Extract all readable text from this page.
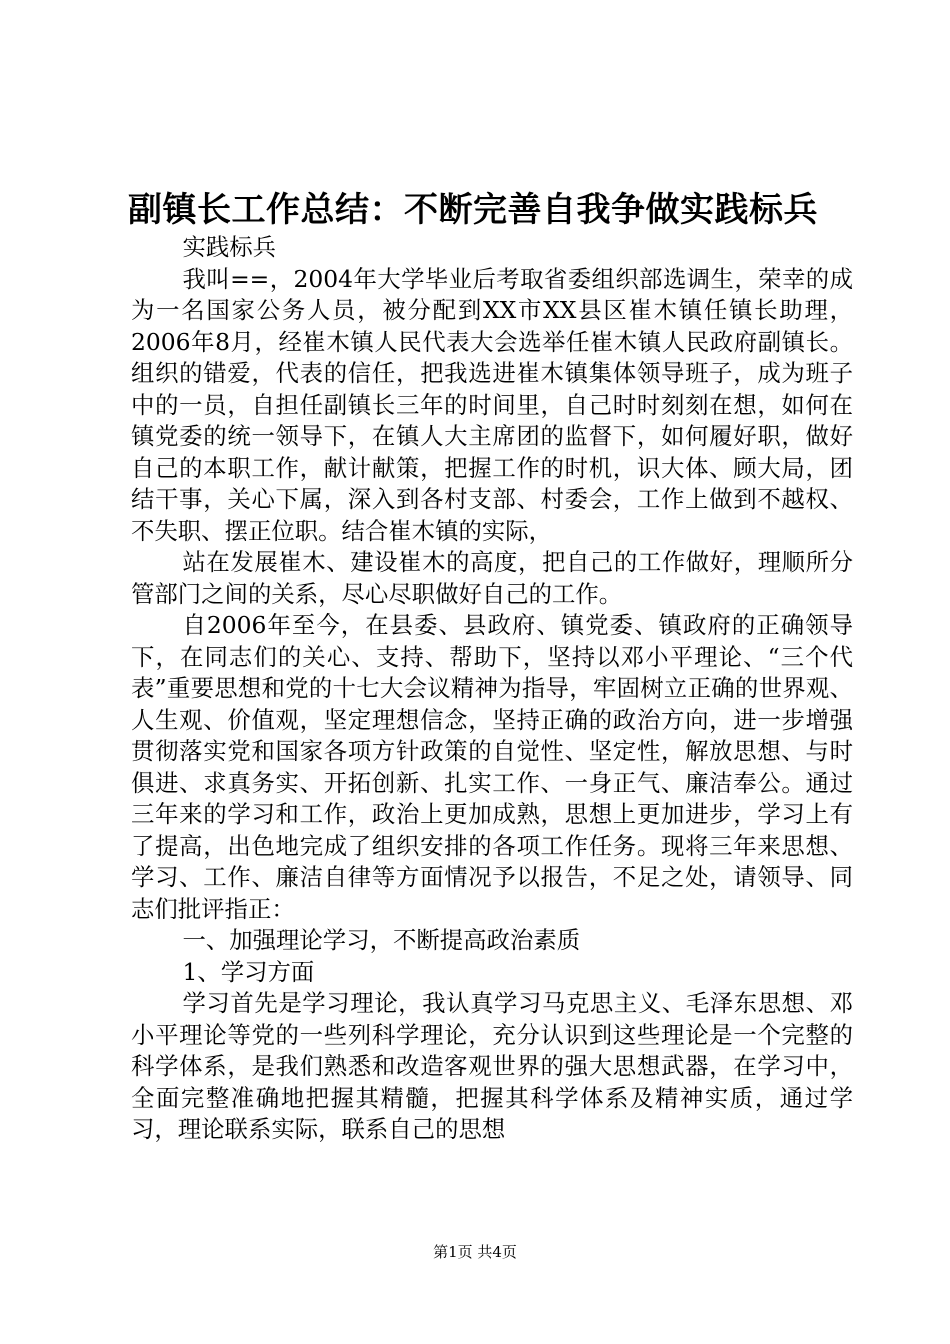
副镇长工作总结：不断完善自我争做实践标兵

实践标兵

我叫==，2004年大学毕业后考取省委组织部选调生，荣幸的成为一名国家公务人员，被分配到XX市XX县区崔木镇任镇长助理，2006年8月，经崔木镇人民代表大会选举任崔木镇人民政府副镇长。组织的错爱，代表的信任，把我选进崔木镇集体领导班子，成为班子中的一员，自担任副镇长三年的时间里，自己时时刻刻在想，如何在镇党委的统一领导下，在镇人大主席团的监督下，如何履好职，做好自己的本职工作，献计献策，把握工作的时机，识大体、顾大局，团结干事，关心下属，深入到各村支部、村委会，工作上做到不越权、不失职、摆正位职。结合崔木镇的实际，

站在发展崔木、建设崔木的高度，把自己的工作做好，理顺所分管部门之间的关系，尽心尽职做好自己的工作。

自2006年至今，在县委、县政府、镇党委、镇政府的正确领导下，在同志们的关心、支持、帮助下，坚持以邓小平理论、“三个代表”重要思想和党的十七大会议精神为指导，牢固树立正确的世界观、人生观、价值观，坚定理想信念，坚持正确的政治方向，进一步增强贯彻落实党和国家各项方针政策的自觉性、坚定性，解放思想、与时俱进、求真务实、开拓创新、扎实工作、一身正气、廉洁奉公。通过三年来的学习和工作，政治上更加成熟，思想上更加进步，学习上有了提高，出色地完成了组织安排的各项工作任务。现将三年来思想、学习、工作、廉洁自律等方面情况予以报告，不足之处，请领导、同志们批评指正：

一、加强理论学习，不断提高政治素质

1、学习方面

学习首先是学习理论，我认真学习马克思主义、毛泽东思想、邓小平理论等党的一些列科学理论，充分认识到这些理论是一个完整的科学体系，是我们熟悉和改造客观世界的强大思想武器，在学习中，全面完整准确地把握其精髓，把握其科学体系及精神实质，通过学习，理论联系实际，联系自己的思想

第1页 共4页
